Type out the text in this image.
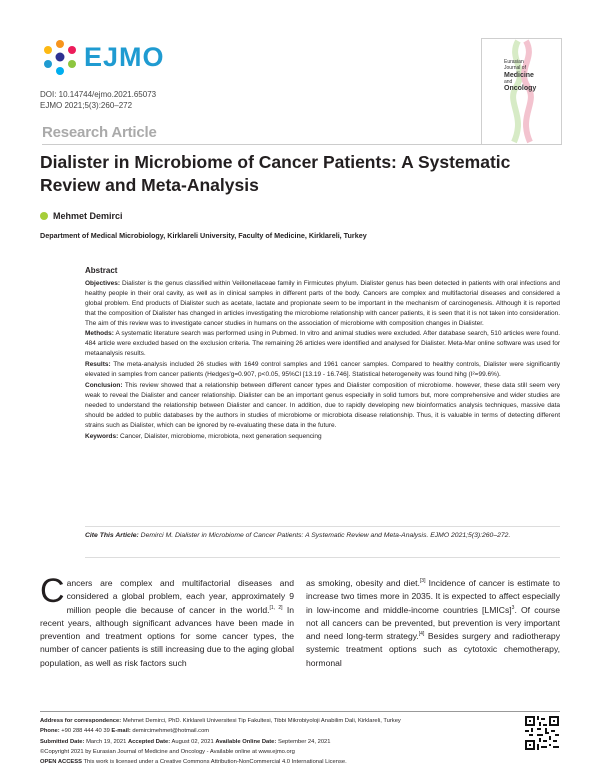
EJMO
DOI: 10.14744/ejmo.2021.65073
EJMO 2021;5(3):260–272
Eurasian
Journal of
Medicine
and
Oncology
Research Article
Dialister in Microbiome of Cancer Patients: A Systematic Review and Meta-Analysis
Mehmet Demirci
Department of Medical Microbiology, Kirklareli University, Faculty of Medicine, Kirklareli, Turkey
Abstract

Objectives: Dialister is the genus classified within Veillonellaceae family in Firmicutes phylum. Dialister genus has been detected in patients with oral infections and healthy people in their oral cavity, as well as in clinical samples in different parts of the body. Cancers are complex and multifactorial diseases and considered a global problem. End products of Dialister such as acetate, lactate and propionate seem to be important in the mechanism of carcinogenesis. Although it is reported that the composition of Dialister has changed in articles investigating the microbiome relationship with cancer patients, it is seen that it is not taken into consideration. The aim of this review was to investigate cancer studies in humans on the association of microbiome with composition changes in Dialister.

Methods: A systematic literature search was performed using in Pubmed. In vitro and animal studies were excluded. After database search, 510 articles were found. 484 article were excluded based on the exclusion criteria. The remaining 26 articles were identified and analysed for Dialister. Meta-Mar online software was used for metaanalysis results.

Results: The meta-analysis included 26 studies with 1649 control samples and 1961 cancer samples. Compared to healthy controls, Dialister were significantly elevated in samples from cancer patients (Hedges'g=0.907, p<0.05, 95%CI [13.19 - 16.746]. Statistical heterogeneity was found hihg (I²=99.6%).

Conclusion: This review showed that a relationship between different cancer types and Dialister composition of microbiome. however, these data still seem very weak to reveal the Dialister and cancer relationship. Dialister can be an important genus especially in solid tumors but, more comprehensive and wider studies are needed to understand the relationship between Dialister and cancer. In addition, due to rapidly developing new bioinformatics analysis techniques, massive data should be added to public databases by the authors in studies of microbiome or microbiota disease relationship. Thus, it is valuable in terms of detecting different strains such as Dialister, which can be ignored by re-evaluating these data in the future.

Keywords: Cancer, Dialister, microbiome, microbiota, next generation sequencing

Cite This Article: Demirci M. Dialister in Microbiome of Cancer Patients: A Systematic Review and Meta-Analysis. EJMO 2021;5(3):260–272.
Cancers are complex and multifactorial diseases and considered a global problem, each year, approximately 9 million people die because of cancer in the world.[1, 2] In recent years, although significant advances have been made in prevention and treatment options for some cancer types, the number of cancer patients is still increasing due to the aging global population, as well as risk factors such
as smoking, obesity and diet.[3] Incidence of cancer is estimate to increase two times more in 2035. It is expected to affect especially in low-income and middle-income countries [LMICs]$^3$. Of course not all cancers can be prevented, but prevention is very important and need long-term strategy.[4] Besides surgery and radiotherapy systemic treatment options such as cytotoxic chemotherapy, hormonal
Address for correspondence: Mehmet Demirci, PhD. Kirklareli Universitesi Tip Fakultesi, Tibbi Mikrobiyoloji Anabilim Dali, Kirklareli, Turkey
Phone: +90 288 444 40 39 E-mail: demircimehmet@hotmail.com
Submitted Date: March 19, 2021 Accepted Date: August 02, 2021 Available Online Date: September 24, 2021
©Copyright 2021 by Eurasian Journal of Medicine and Oncology - Available online at www.ejmo.org
OPEN ACCESS This work is licensed under a Creative Commons Attribution-NonCommercial 4.0 International License.
